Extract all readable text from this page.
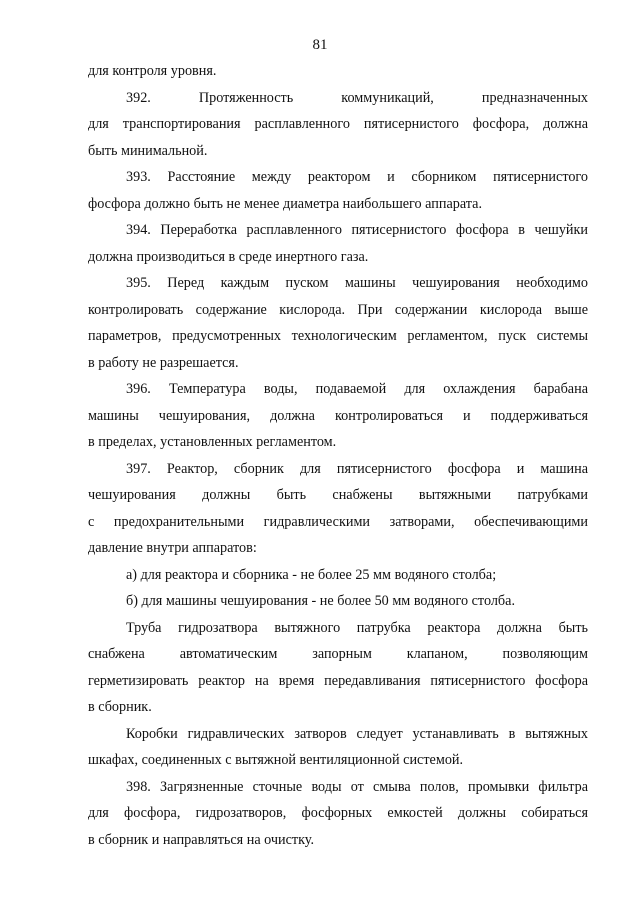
81
для контроля уровня.
392. Протяженность коммуникаций, предназначенных
для транспортирования расплавленного пятисернистого фосфора, должна
быть минимальной.
393. Расстояние между реактором и сборником пятисернистого
фосфора должно быть не менее диаметра наибольшего аппарата.
394. Переработка расплавленного пятисернистого фосфора в чешуйки
должна производиться в среде инертного газа.
395. Перед каждым пуском машины чешуирования необходимо
контролировать содержание кислорода. При содержании кислорода выше
параметров, предусмотренных технологическим регламентом, пуск системы
в работу не разрешается.
396. Температура воды, подаваемой для охлаждения барабана
машины чешуирования, должна контролироваться и поддерживаться
в пределах, установленных регламентом.
397. Реактор, сборник для пятисернистого фосфора и машина
чешуирования должны быть снабжены вытяжными патрубками
с предохранительными гидравлическими затворами, обеспечивающими
давление внутри аппаратов:
а) для реактора и сборника - не более 25 мм водяного столба;
б) для машины чешуирования - не более 50 мм водяного столба.
Труба гидрозатвора вытяжного патрубка реактора должна быть
снабжена автоматическим запорным клапаном, позволяющим
герметизировать реактор на время передавливания пятисернистого фосфора
в сборник.
Коробки гидравлических затворов следует устанавливать в вытяжных
шкафах, соединенных с вытяжной вентиляционной системой.
398. Загрязненные сточные воды от смыва полов, промывки фильтра
для фосфора, гидрозатворов, фосфорных емкостей должны собираться
в сборник и направляться на очистку.
